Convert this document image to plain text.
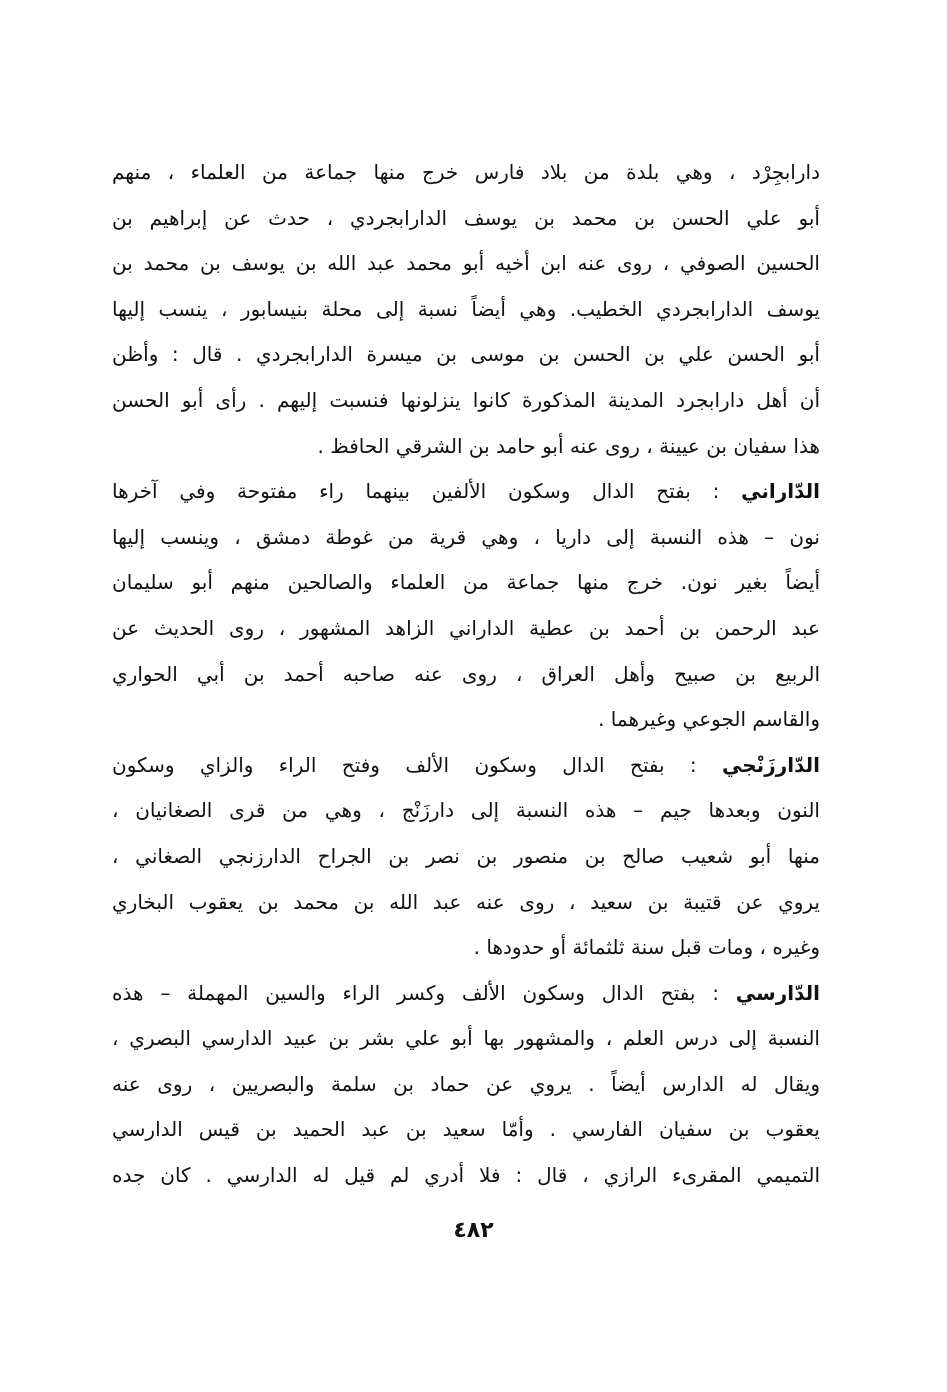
دارابجِرْد ، وهي بلدة من بلاد فارس خرج منها جماعة من العلماء ، منهم
أبو علي الحسن بن محمد بن يوسف الدارابجردي ، حدث عن إبراهيم بن
الحسين الصوفي ، روى عنه ابن أخيه أبو محمد عبد الله بن يوسف بن محمد بن
يوسف الدارابجردي الخطيب. وهي أيضاً نسبة إلى محلة بنيسابور ، ينسب إليها
أبو الحسن علي بن الحسن بن موسى بن ميسرة الدارابجردي . قال : وأظن
أن أهل دارابجرد المدينة المذكورة كانوا ينزلونها فنسبت إليهم . رأى أبو الحسن
هذا سفيان بن عيينة ، روى عنه أبو حامد بن الشرقي الحافظ .
الدّاراني : بفتح الدال وسكون الألفين بينهما راء مفتوحة وفي آخرها
نون – هذه النسبة إلى داريا ، وهي قرية من غوطة دمشق ، وينسب إليها
أيضاً بغير نون. خرج منها جماعة من العلماء والصالحين منهم أبو سليمان
عبد الرحمن بن أحمد بن عطية الداراني الزاهد المشهور ، روى الحديث عن
الربيع بن صبيح وأهل العراق ، روى عنه صاحبه أحمد بن أبي الحواري
والقاسم الجوعي وغيرهما .
الدّارزَنْجي : بفتح الدال وسكون الألف وفتح الراء والزاي وسكون
النون وبعدها جيم – هذه النسبة إلى دارزَنْج ، وهي من قرى الصغانيان ،
منها أبو شعيب صالح بن منصور بن نصر بن الجراح الدارزنجي الصغاني ،
يروي عن قتيبة بن سعيد ، روى عنه عبد الله بن محمد بن يعقوب البخاري
وغيره ، ومات قبل سنة ثلثمائة أو حدودها .
الدّارسي : بفتح الدال وسكون الألف وكسر الراء والسين المهملة – هذه
النسبة إلى درس العلم ، والمشهور بها أبو علي بشر بن عبيد الدارسي البصري ،
ويقال له الدارس أيضاً . يروي عن حماد بن سلمة والبصريين ، روى عنه
يعقوب بن سفيان الفارسي . وأمّا سعيد بن عبد الحميد بن قيس الدارسي
التميمي المقرىء الرازي ، قال : فلا أدري لم قيل له الدارسي . كان جده
٤٨٢
